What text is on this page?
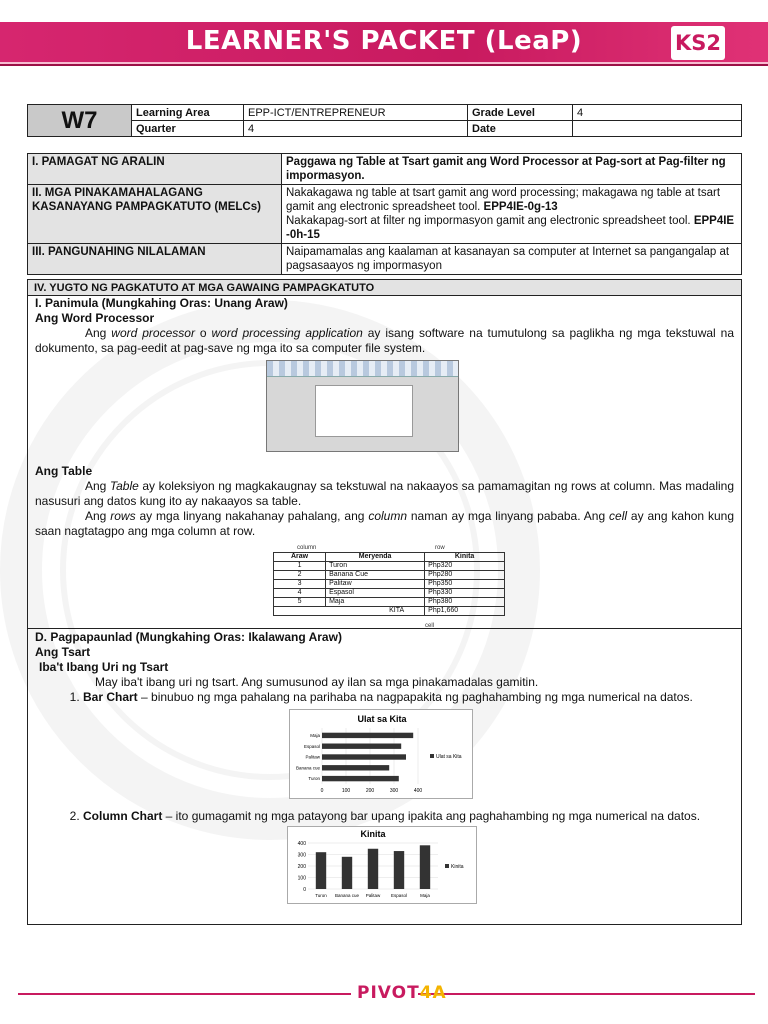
LEARNER'S PACKET (LeaP)	KS2
W7	Learning Area	EPP-ICT/ENTREPRENEUR	Grade Level	4
	Quarter	4	Date	
I. PAMAGAT NG ARALIN	Paggawa ng Table at Tsart gamit ang Word Processor at Pag-sort at Pag-filter ng impormasyon.
II. MGA PINAKAMAHALAGANG KASANAYANG PAMPAGKATUTO (MELCs)	Nakakagawa ng table at tsart gamit ang word processing; makagawa ng table at tsart gamit ang electronic spreadsheet tool. EPP4IE-0g-13
Nakakapag-sort at filter ng impormasyon gamit ang electronic spreadsheet tool. EPP4IE -0h-15
III. PANGUNAHING NILALAMAN	Naipamamalas ang kaalaman at kasanayan sa computer at Internet sa pangangalap at pagsasaayos ng impormasyon
IV. YUGTO NG PAGKATUTO AT MGA GAWAING PAMPAGKATUTO
I. Panimula (Mungkahing Oras: Unang Araw)
Ang Word Processor

Ang word processor o word processing application ay isang software na tumutulong sa paglikha ng mga tekstuwal na dokumento, sa pag-eedit at pag-save ng mga ito sa computer file system.

Ang Table

Ang Table ay koleksiyon ng magkakaugnay sa tekstuwal na nakaayos sa pamamagitan ng rows at column. Mas madaling nasusuri ang datos kung ito ay nakaayos sa table.

Ang rows ay mga linyang nakahanay pahalang, ang column naman ay mga linyang pababa. Ang cell ay ang kahon kung saan nagtatagpo ang mga column at row.

column	row
Araw	Meryenda	Kinita
1	Turon	Php320
2	Banana Cue	Php280
3	Palitaw	Php350
4	Espasol	Php330
5	Maja	Php380
KITA		Php1,660
cell
D. Pagpapaunlad (Mungkahing Oras: Ikalawang Araw)
Ang Tsart
Iba't Ibang Uri ng Tsart

May iba't ibang uri ng tsart. Ang sumusunod ay ilan sa mga pinakamadalas gamitin.

1. Bar Chart – binubuo ng mga pahalang na parihaba na nagpapakita ng paghahambing ng mga numerical na datos.
Ulat sa Kita
0	100	200	300	400
Maja
Espasol
Palitaw
Banana cue
Turon
Ulat sa Kita
2. Column Chart – ito gumagamit ng mga patayong bar upang ipakita ang paghahambing ng mga numerical na datos.
Kinita
0
100
200
300
400
Turon Banana cue Palitaw Espasol	Maja
Kinita
PIVOT4A
